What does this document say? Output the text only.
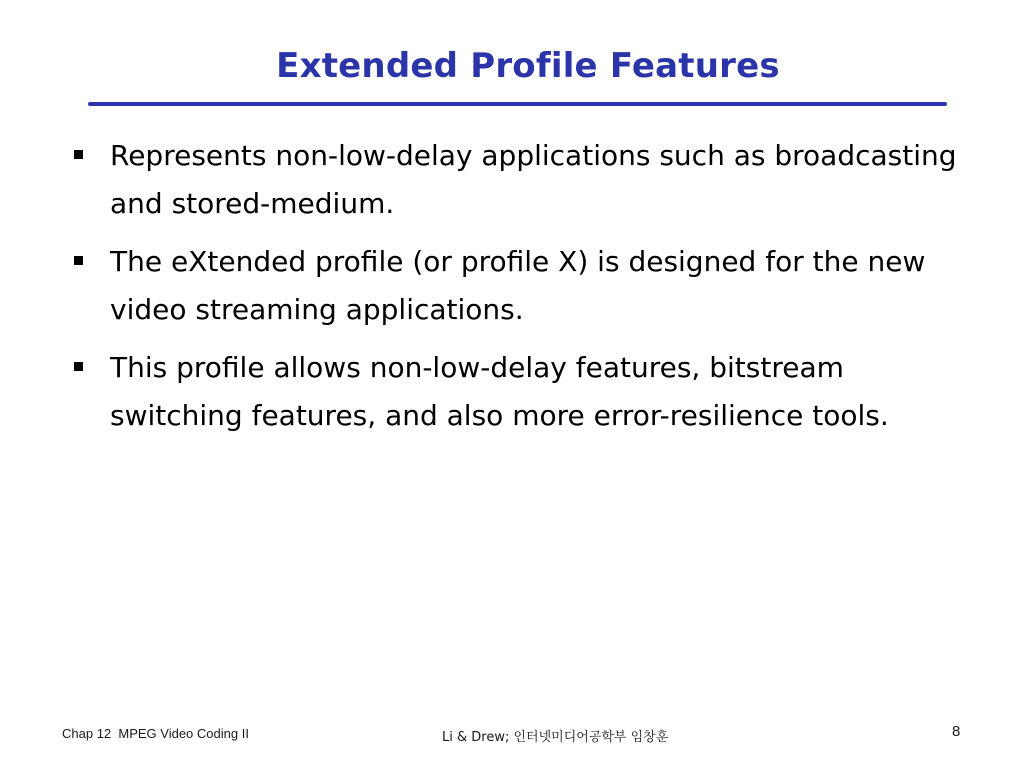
Extended Profile Features
Represents non-low-delay applications such as broadcasting and stored-medium.
The eXtended profile (or profile X) is designed for the new video streaming applications.
This profile allows non-low-delay features, bitstream switching features, and also more error-resilience tools.
Chap 12  MPEG Video Coding II	Li & Drew; 인터넷미디어공학부 임창훈	8
